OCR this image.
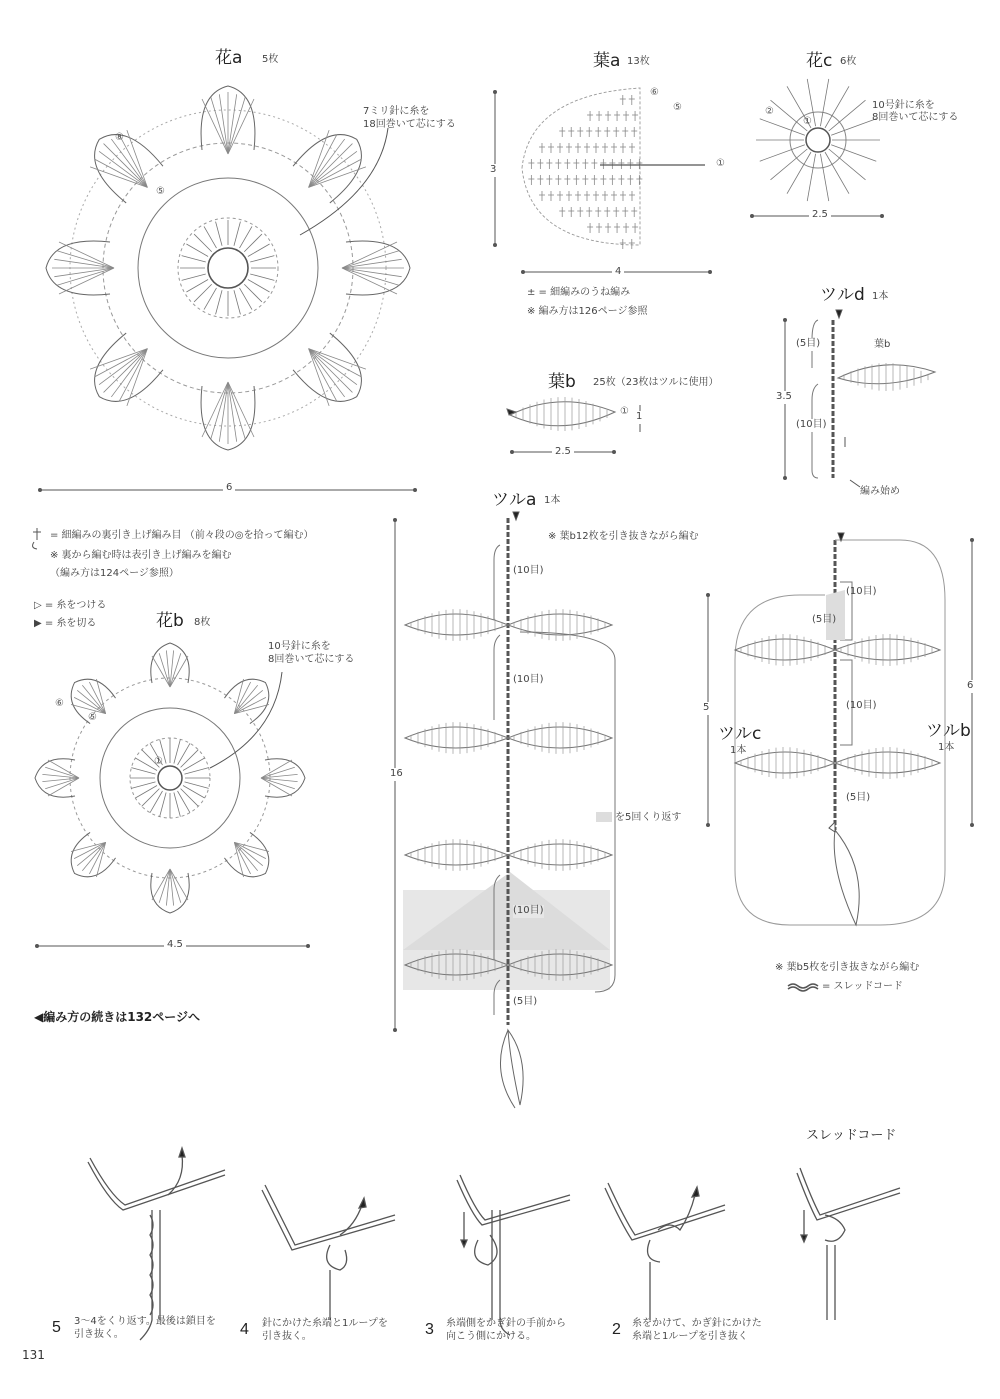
花a 5枚
7ミリ針に糸を
18回巻いて芯にする
⑧
⑤
6
葉a 13枚
⑥
⑤
①
3
4
± = 細編みのうね編み
※ 編み方は126ページ参照
花c 6枚
10号針に糸を
8回巻いて芯にする
②
①
2.5
ツルd 1本
(5目)
(10目)
葉b
3.5
編み始め
葉b 25枚（23枚はツルに使用）
① 1
2.5
= 細編みの裏引き上げ編み目 （前々段の◎を拾って編む）
※ 裏から編む時は表引き上げ編みを編む
（編み方は124ページ参照）
▷ = 糸をつける
▶ = 糸を切る	花b 8枚
10号針に糸を
8回巻いて芯にする
⑥
⑤
①
4.5
◀編み方の続きは132ページへ
ツルa 1本
※ 葉b12枚を引き抜きながら編む
(10目)
(10目)
(10目)
(5目)
を5回くり返す
16
(10目)
(5目)
(10目)
(5目)
ツルc
1本
ツルb
1本
5
6
※ 葉b5枚を引き抜きながら編む
= スレッドコード
スレッドコード
5 3〜4をくり返す。最後は鎖目を
引き抜く。	4 針にかけた糸端と1ループを
引き抜く。	3 糸端側をかぎ針の手前から
向こう側にかける。	2 糸をかけて、かぎ針にかけた
糸端と1ループを引き抜く
131
